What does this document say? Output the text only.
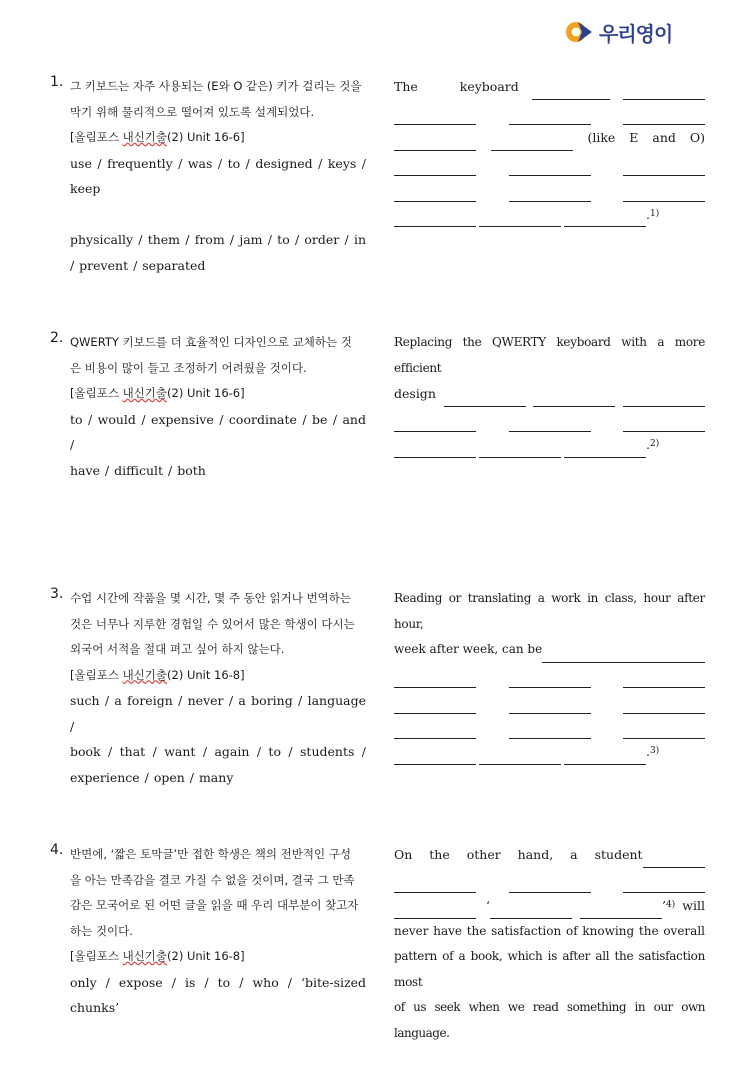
우리영이
1. 그 키보드는 자주 사용되는 (E와 O 같은) 키가 걸리는 것을
막기 위해 물리적으로 떨어져 있도록 설계되었다.
[올림포스 내신기출(2) Unit 16-6]
use / frequently / was / to / designed / keys / keep
physically / them / from / jam / to / order / in
/ prevent / separated
The keyboard
(like E and O)
. 1)
2. QWERTY 키보드를 더 효율적인 디자인으로 교체하는 것
은 비용이 많이 들고 조정하기 어려웠을 것이다.
[올림포스 내신기출(2) Unit 16-6]
to / would / expensive / coordinate / be / and /
have / difficult / both
Replacing the QWERTY keyboard with a more efficient
design
. 2)
3. 수업 시간에 작품을 몇 시간, 몇 주 동안 읽거나 번역하는
것은 너무나 지루한 경험일 수 있어서 많은 학생이 다시는
외국어 서적을 절대 펴고 싶어 하지 않는다.
[올림포스 내신기출(2) Unit 16-8]
such / a foreign / never / a boring / language /
book / that / want / again / to / students /
experience / open / many
Reading or translating a work in class, hour after hour,
week after week, can be
. 3)
4. 반면에, ‘짧은 토막글’만 접한 학생은 책의 전반적인 구성
을 아는 만족감을 결코 가질 수 없을 것이며, 결국 그 만족
감은 모국어로 된 어떤 글을 읽을 때 우리 대부분이 찾고자
하는 것이다.
[올림포스 내신기출(2) Unit 16-8]
only / expose / is / to / who / ‘bite-sized chunks’
On the other hand, a student
‘	’ 4) will
never have the satisfaction of knowing the overall
pattern of a book, which is after all the satisfaction most
of us seek when we read something in our own language.
